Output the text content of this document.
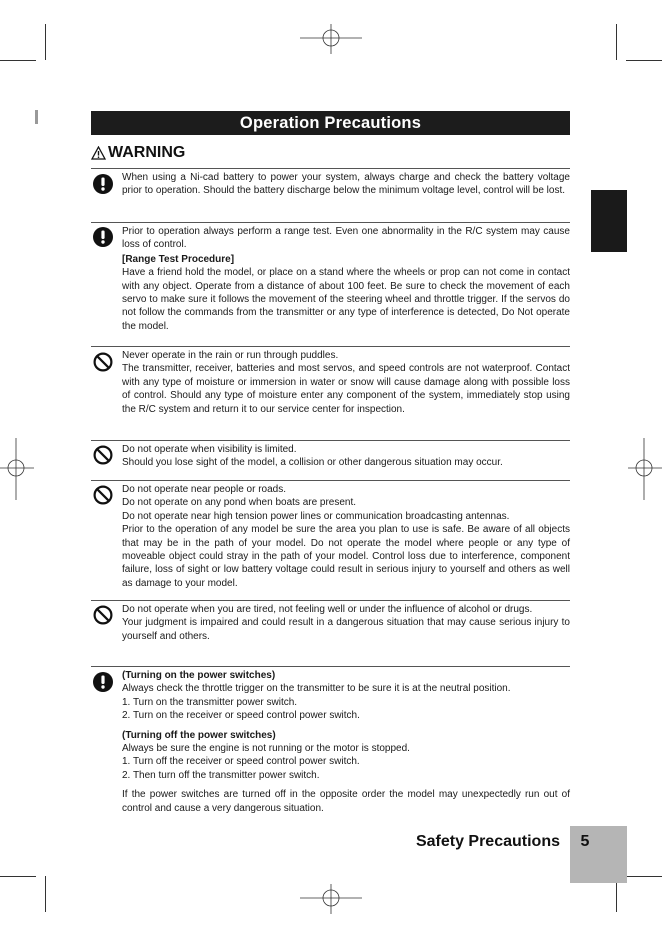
Operation Precautions
WARNING

When using a Ni-cad battery to power your system, always charge and check the battery voltage prior to operation. Should the battery discharge below the minimum voltage level, control will be lost.

Prior to operation always perform a range test. Even one abnormality in the R/C system may cause loss of control.

[Range Test Procedure]

Have a friend hold the model, or place on a stand where the wheels or prop can not come in contact with any object. Operate from a distance of about 100 feet. Be sure to check the movement of each servo to make sure it follows the movement of the steering wheel and throttle trigger. If the servos do not follow the commands from the transmitter or any type of interference is detected, Do Not operate the model.

Never operate in the rain or run through puddles.

The transmitter, receiver, batteries and most servos, and speed controls are not waterproof. Contact with any type of moisture or immersion in water or snow will cause damage along with possible loss of control. Should any type of moisture enter any component of the system, immediately stop using the R/C system and return it to our service center for inspection.

Do not operate when visibility is limited.

Should you lose sight of the model, a collision or other dangerous situation may occur.

Do not operate near people or roads.

Do not operate on any pond when boats are present.

Do not operate near high tension power lines or communication broadcasting antennas.

Prior to the operation of any model be sure the area you plan to use is safe. Be aware of all objects that may be in the path of your model. Do not operate the model where people or any type of moveable object could stray in the path of your model. Control loss due to interference, component failure, loss of sight or low battery voltage could result in serious injury to yourself and others as well as damage to your model.

Do not operate when you are tired, not feeling well or under the influence of alcohol or drugs.

Your judgment is impaired and could result in a dangerous situation that may cause serious injury to yourself and others.

(Turning on the power switches)

Always check the throttle trigger on the transmitter to be sure it is at the neutral position.

1. Turn on the transmitter power switch.

2. Turn on the receiver or speed control power switch.

(Turning off the power switches)

Always be sure the engine is not running or the motor is stopped.

1. Turn off the receiver or speed control power switch.

2. Then turn off the transmitter power switch.

If the power switches are turned off in the opposite order the model may unexpectedly run out of control and cause a very dangerous situation.

Safety Precautions	5
